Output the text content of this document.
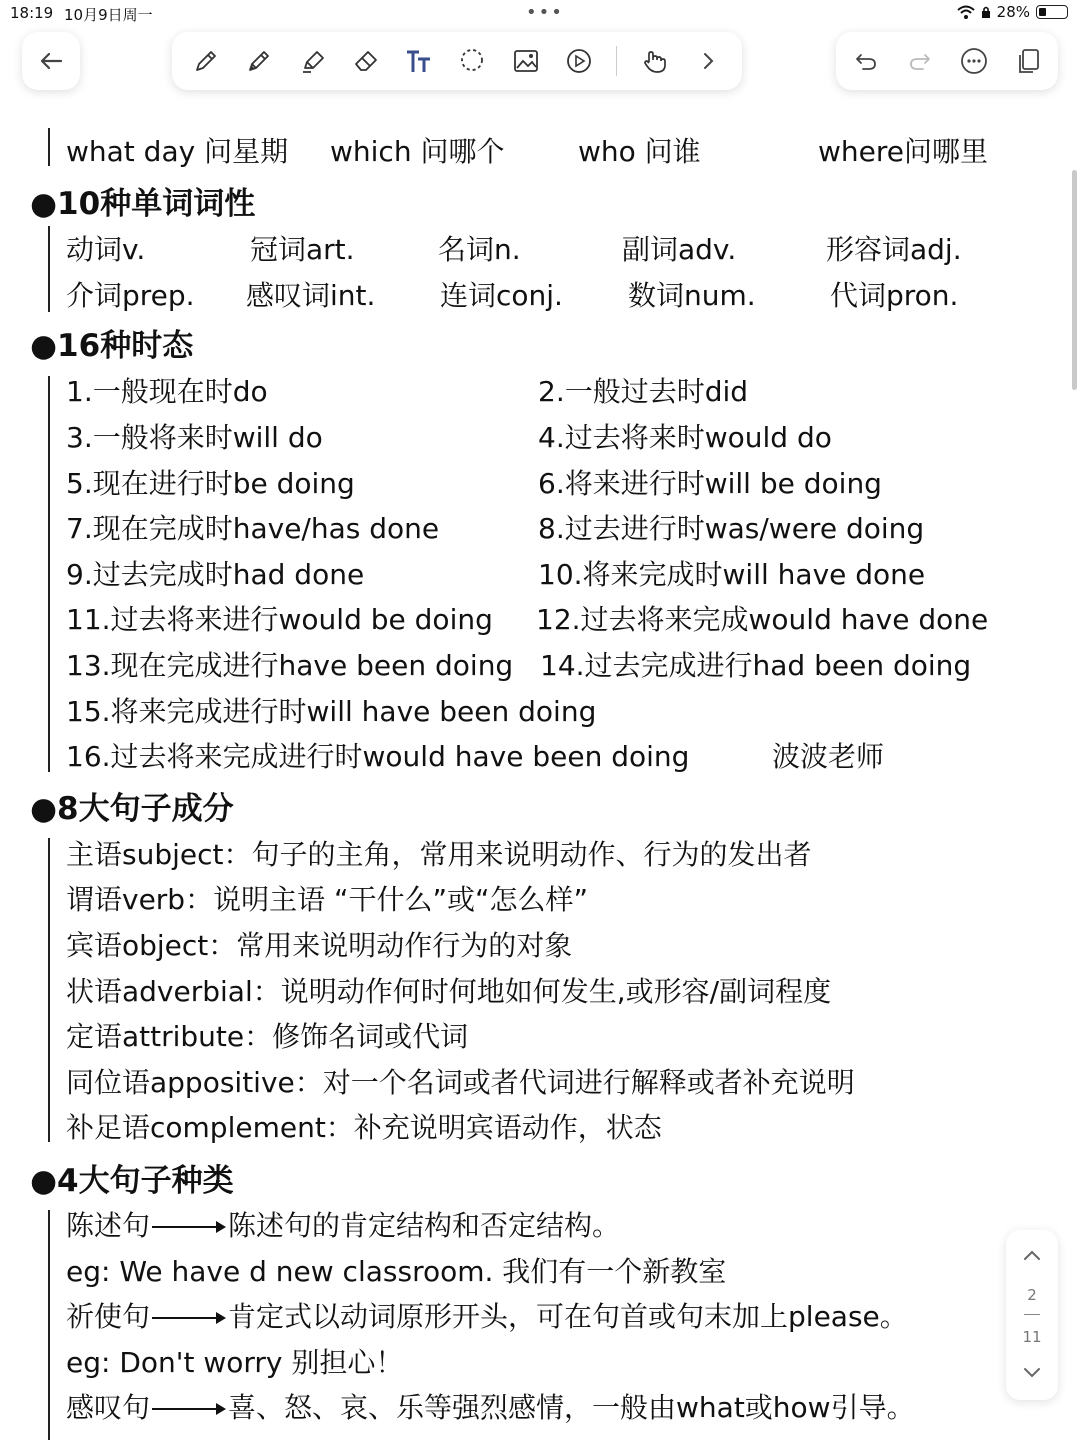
18:19 10月9日周一	•••	28%
what day 问星期 which 问哪个	who 问谁	where问哪里
●10种单词词性
动词v.	冠词art.	名词n.	副词adv.	形容词adj.
介词prep. 感叹词int. 连词conj. 数词num.	代词pron.
●16种时态
1.一般现在时do	2.一般过去时did
3.一般将来时will do	4.过去将来时would do
5.现在进行时be doing	6.将来进行时will be doing
7.现在完成时have/has done	8.过去进行时was/were doing
9.过去完成时had done	10.将来完成时will have done
11.过去将来进行would be doing 12.过去将来完成would have done
13.现在完成进行have been doing 14.过去完成进行had been doing
15.将来完成进行时will have been doing
16.过去将来完成进行时would have been doing	波波老师
●8大句子成分
主语subject：句子的主角，常用来说明动作、行为的发出者
谓语verb：说明主语 “干什么”或“怎么样”
宾语object：常用来说明动作行为的对象
状语adverbial：说明动作何时何地如何发生,或形容/副词程度
定语attribute：修饰名词或代词
同位语appositive：对一个名词或者代词进行解释或者补充说明
补足语complement：补充说明宾语动作，状态
●4大句子种类
陈述句	陈述句的肯定结构和否定结构。
eg: We have d new classroom. 我们有一个新教室
祈使句	肯定式以动词原形开头，可在句首或句末加上please。
eg: Don't worry 别担心！
感叹句	喜、怒、哀、乐等强烈感情，一般由what或how引导。
2
11
